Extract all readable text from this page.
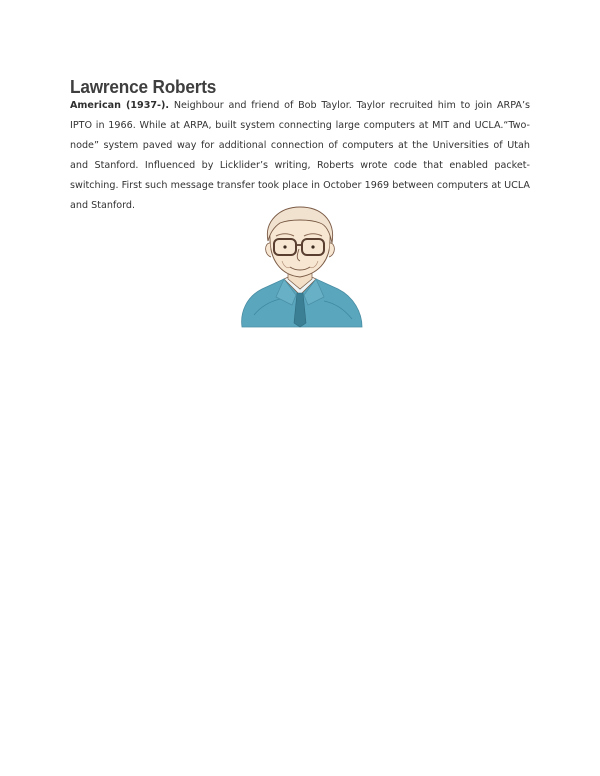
Lawrence Roberts

American (1937-). Neighbour and friend of Bob Taylor. Taylor recruited him to join ARPA’s IPTO in 1966. While at ARPA, built system connecting large computers at MIT and UCLA.“Two-node” system paved way for additional connection of computers at the Universities of Utah and Stanford. Influenced by Licklider’s writing, Roberts wrote code that enabled packet-switching. First such message transfer took place in October 1969 between computers at UCLA and Stanford.
